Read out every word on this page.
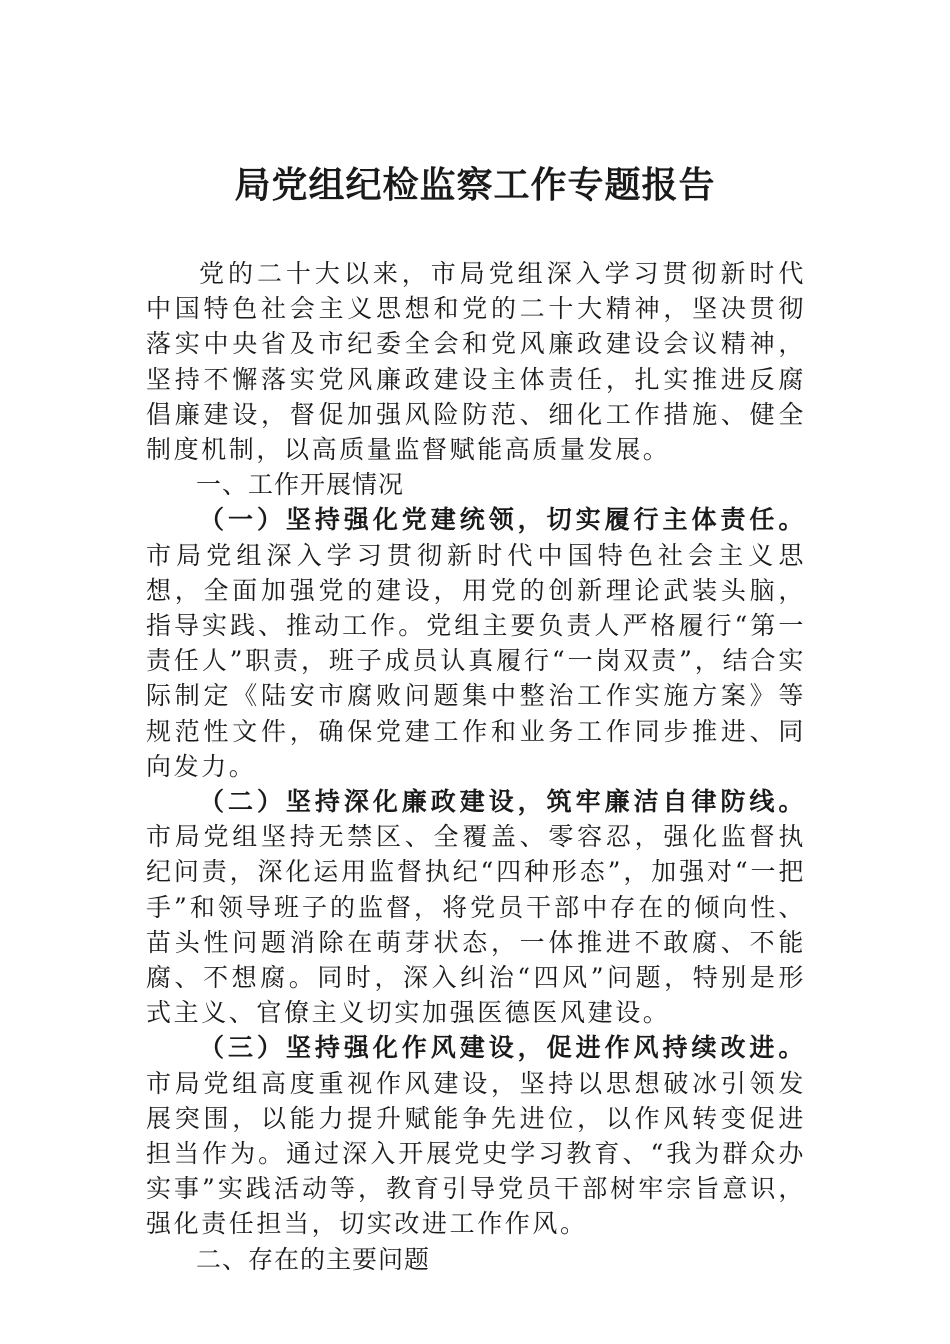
局党组纪检监察工作专题报告

党的二十大以来，市局党组深入学习贯彻新时代中国特色社会主义思想和党的二十大精神，坚决贯彻落实中央省及市纪委全会和党风廉政建设会议精神，坚持不懈落实党风廉政建设主体责任，扎实推进反腐倡廉建设，督促加强风险防范、细化工作措施、健全制度机制，以高质量监督赋能高质量发展。

一、工作开展情况

（一）坚持强化党建统领，切实履行主体责任。市局党组深入学习贯彻新时代中国特色社会主义思想，全面加强党的建设，用党的创新理论武装头脑，指导实践、推动工作。党组主要负责人严格履行“第一责任人”职责，班子成员认真履行“一岗双责”，结合实际制定《陆安市腐败问题集中整治工作实施方案》等规范性文件，确保党建工作和业务工作同步推进、同向发力。

（二）坚持深化廉政建设，筑牢廉洁自律防线。市局党组坚持无禁区、全覆盖、零容忍，强化监督执纪问责，深化运用监督执纪“四种形态”，加强对“一把手”和领导班子的监督，将党员干部中存在的倾向性、苗头性问题消除在萌芽状态，一体推进不敢腐、不能腐、不想腐。同时，深入纠治“四风”问题，特别是形式主义、官僚主义切实加强医德医风建设。

（三）坚持强化作风建设，促进作风持续改进。市局党组高度重视作风建设，坚持以思想破冰引领发展突围，以能力提升赋能争先进位，以作风转变促进担当作为。通过深入开展党史学习教育、“我为群众办实事”实践活动等，教育引导党员干部树牢宗旨意识，强化责任担当，切实改进工作作风。

二、存在的主要问题
